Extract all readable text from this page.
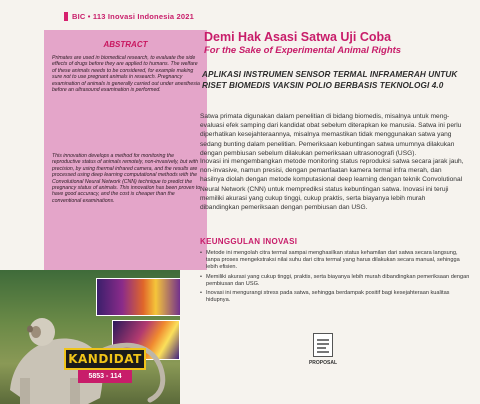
BIC • 113 Inovasi Indonesia 2021
ABSTRACT

Primates are used in biomedical research, to evaluate the side effects of drugs before they are applied to humans. The welfare of these animals needs to be considered, for example making sure not to use pregnant animals in research. Pregnancy examination of animals is generally carried out under anesthesia before an ultrasound examination is performed.

This innovation develops a method for monitoring the reproductive status of animals remotely, non-invasively, but with precision, by using thermal infrared camera, and the results are processed using deep learning computational methods with the Convolutional Neural Network (CNN) technique to predict the pregnancy status of animals. This innovation has been proven to have good accuracy, and the cost is cheaper than the conventional examinations.

KANDIDAT
5853 - 114
Demi Hak Asasi Satwa Uji Coba
For the Sake of Experimental Animal Rights
APLIKASI INSTRUMEN SENSOR TERMAL INFRAMERAH UNTUK
RISET BIOMEDIS VAKSIN POLIO BERBASIS TEKNOLOGI 4.0

Satwa primata digunakan dalam penelitian di bidang biomedis, misalnya untuk meng-evaluasi efek samping dari kandidat obat sebelum diterapkan ke manusia. Satwa ini perlu diperhatikan kesejahteraannya, misalnya memastikan tidak menggunakan satwa yang sedang bunting dalam penelitian. Pemeriksaan kebuntingan satwa umumnya dilakukan dengan pembiusan sebelum dilakukan pemeriksaan ultrasonografi (USG).

Inovasi ini mengembangkan metode monitoring status reproduksi satwa secara jarak jauh, non-invasive, namun presisi, dengan pemanfaatan kamera termal infra merah, dan hasilnya diolah dengan metode komputasional deep learning dengan teknik Convolutional Neural Network (CNN) untuk memprediksi status kebuntingan satwa. Inovasi ini teruji memiliki akurasi yang cukup tinggi, cukup praktis, serta biayanya lebih murah dibandingkan pemeriksaan dengan pembiusan dan USG.

KEUNGGULAN INOVASI
• Metode ini mengolah citra termal sampai menghasilkan status kehamilan dari satwa secara langsung, tanpa proses mengekstraksi nilai suhu dari citra termal yang harus dilakukan secara manual, sehingga lebih efisien.
• Memiliki akurasi yang cukup tinggi, praktis, serta biayanya lebih murah dibandingkan pemeriksaan dengan pembiusan dan USG.
• Inovasi ini mengurangi stress pada satwa, sehingga berdampak positif bagi kesejahteraan kualitas hidupnya.
PROPOSAL
